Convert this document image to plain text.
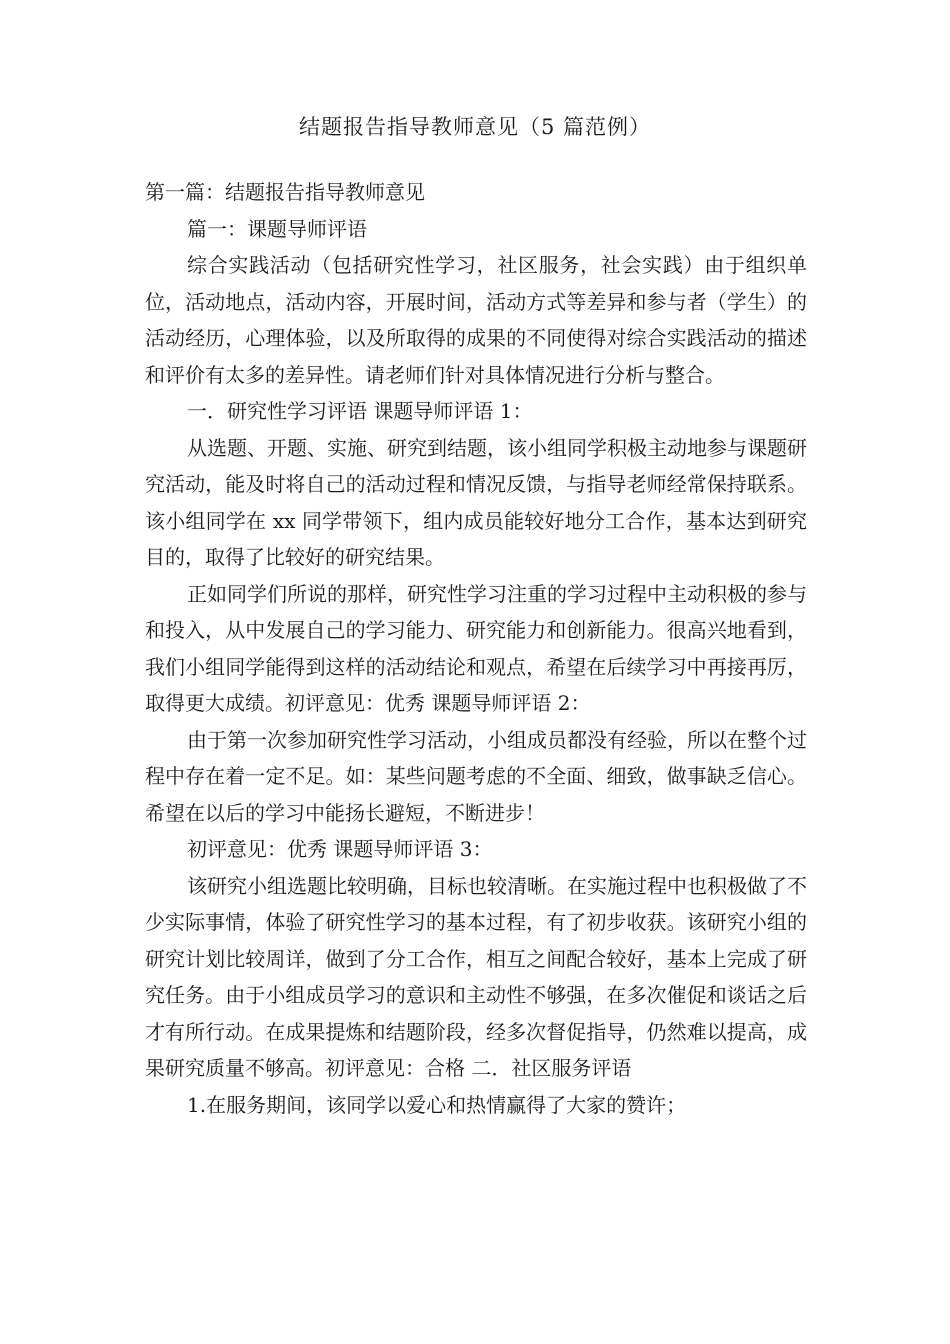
结题报告指导教师意见（5 篇范例）

第一篇：结题报告指导教师意见

篇一：课题导师评语

综合实践活动（包括研究性学习，社区服务，社会实践）由于组织单位，活动地点，活动内容，开展时间，活动方式等差异和参与者（学生）的活动经历，心理体验，以及所取得的成果的不同使得对综合实践活动的描述和评价有太多的差异性。请老师们针对具体情况进行分析与整合。

一．研究性学习评语 课题导师评语 1：

从选题、开题、实施、研究到结题，该小组同学积极主动地参与课题研究活动，能及时将自己的活动过程和情况反馈，与指导老师经常保持联系。该小组同学在 xx 同学带领下，组内成员能较好地分工合作，基本达到研究目的，取得了比较好的研究结果。

正如同学们所说的那样，研究性学习注重的学习过程中主动积极的参与和投入，从中发展自己的学习能力、研究能力和创新能力。很高兴地看到，我们小组同学能得到这样的活动结论和观点，希望在后续学习中再接再厉，取得更大成绩。初评意见：优秀 课题导师评语 2：

由于第一次参加研究性学习活动，小组成员都没有经验，所以在整个过程中存在着一定不足。如：某些问题考虑的不全面、细致，做事缺乏信心。希望在以后的学习中能扬长避短，不断进步！

初评意见：优秀 课题导师评语 3：

该研究小组选题比较明确，目标也较清晰。在实施过程中也积极做了不少实际事情，体验了研究性学习的基本过程，有了初步收获。该研究小组的研究计划比较周详，做到了分工合作，相互之间配合较好，基本上完成了研究任务。由于小组成员学习的意识和主动性不够强，在多次催促和谈话之后才有所行动。在成果提炼和结题阶段，经多次督促指导，仍然难以提高，成果研究质量不够高。初评意见：合格 二．社区服务评语

1.在服务期间，该同学以爱心和热情赢得了大家的赞许；
